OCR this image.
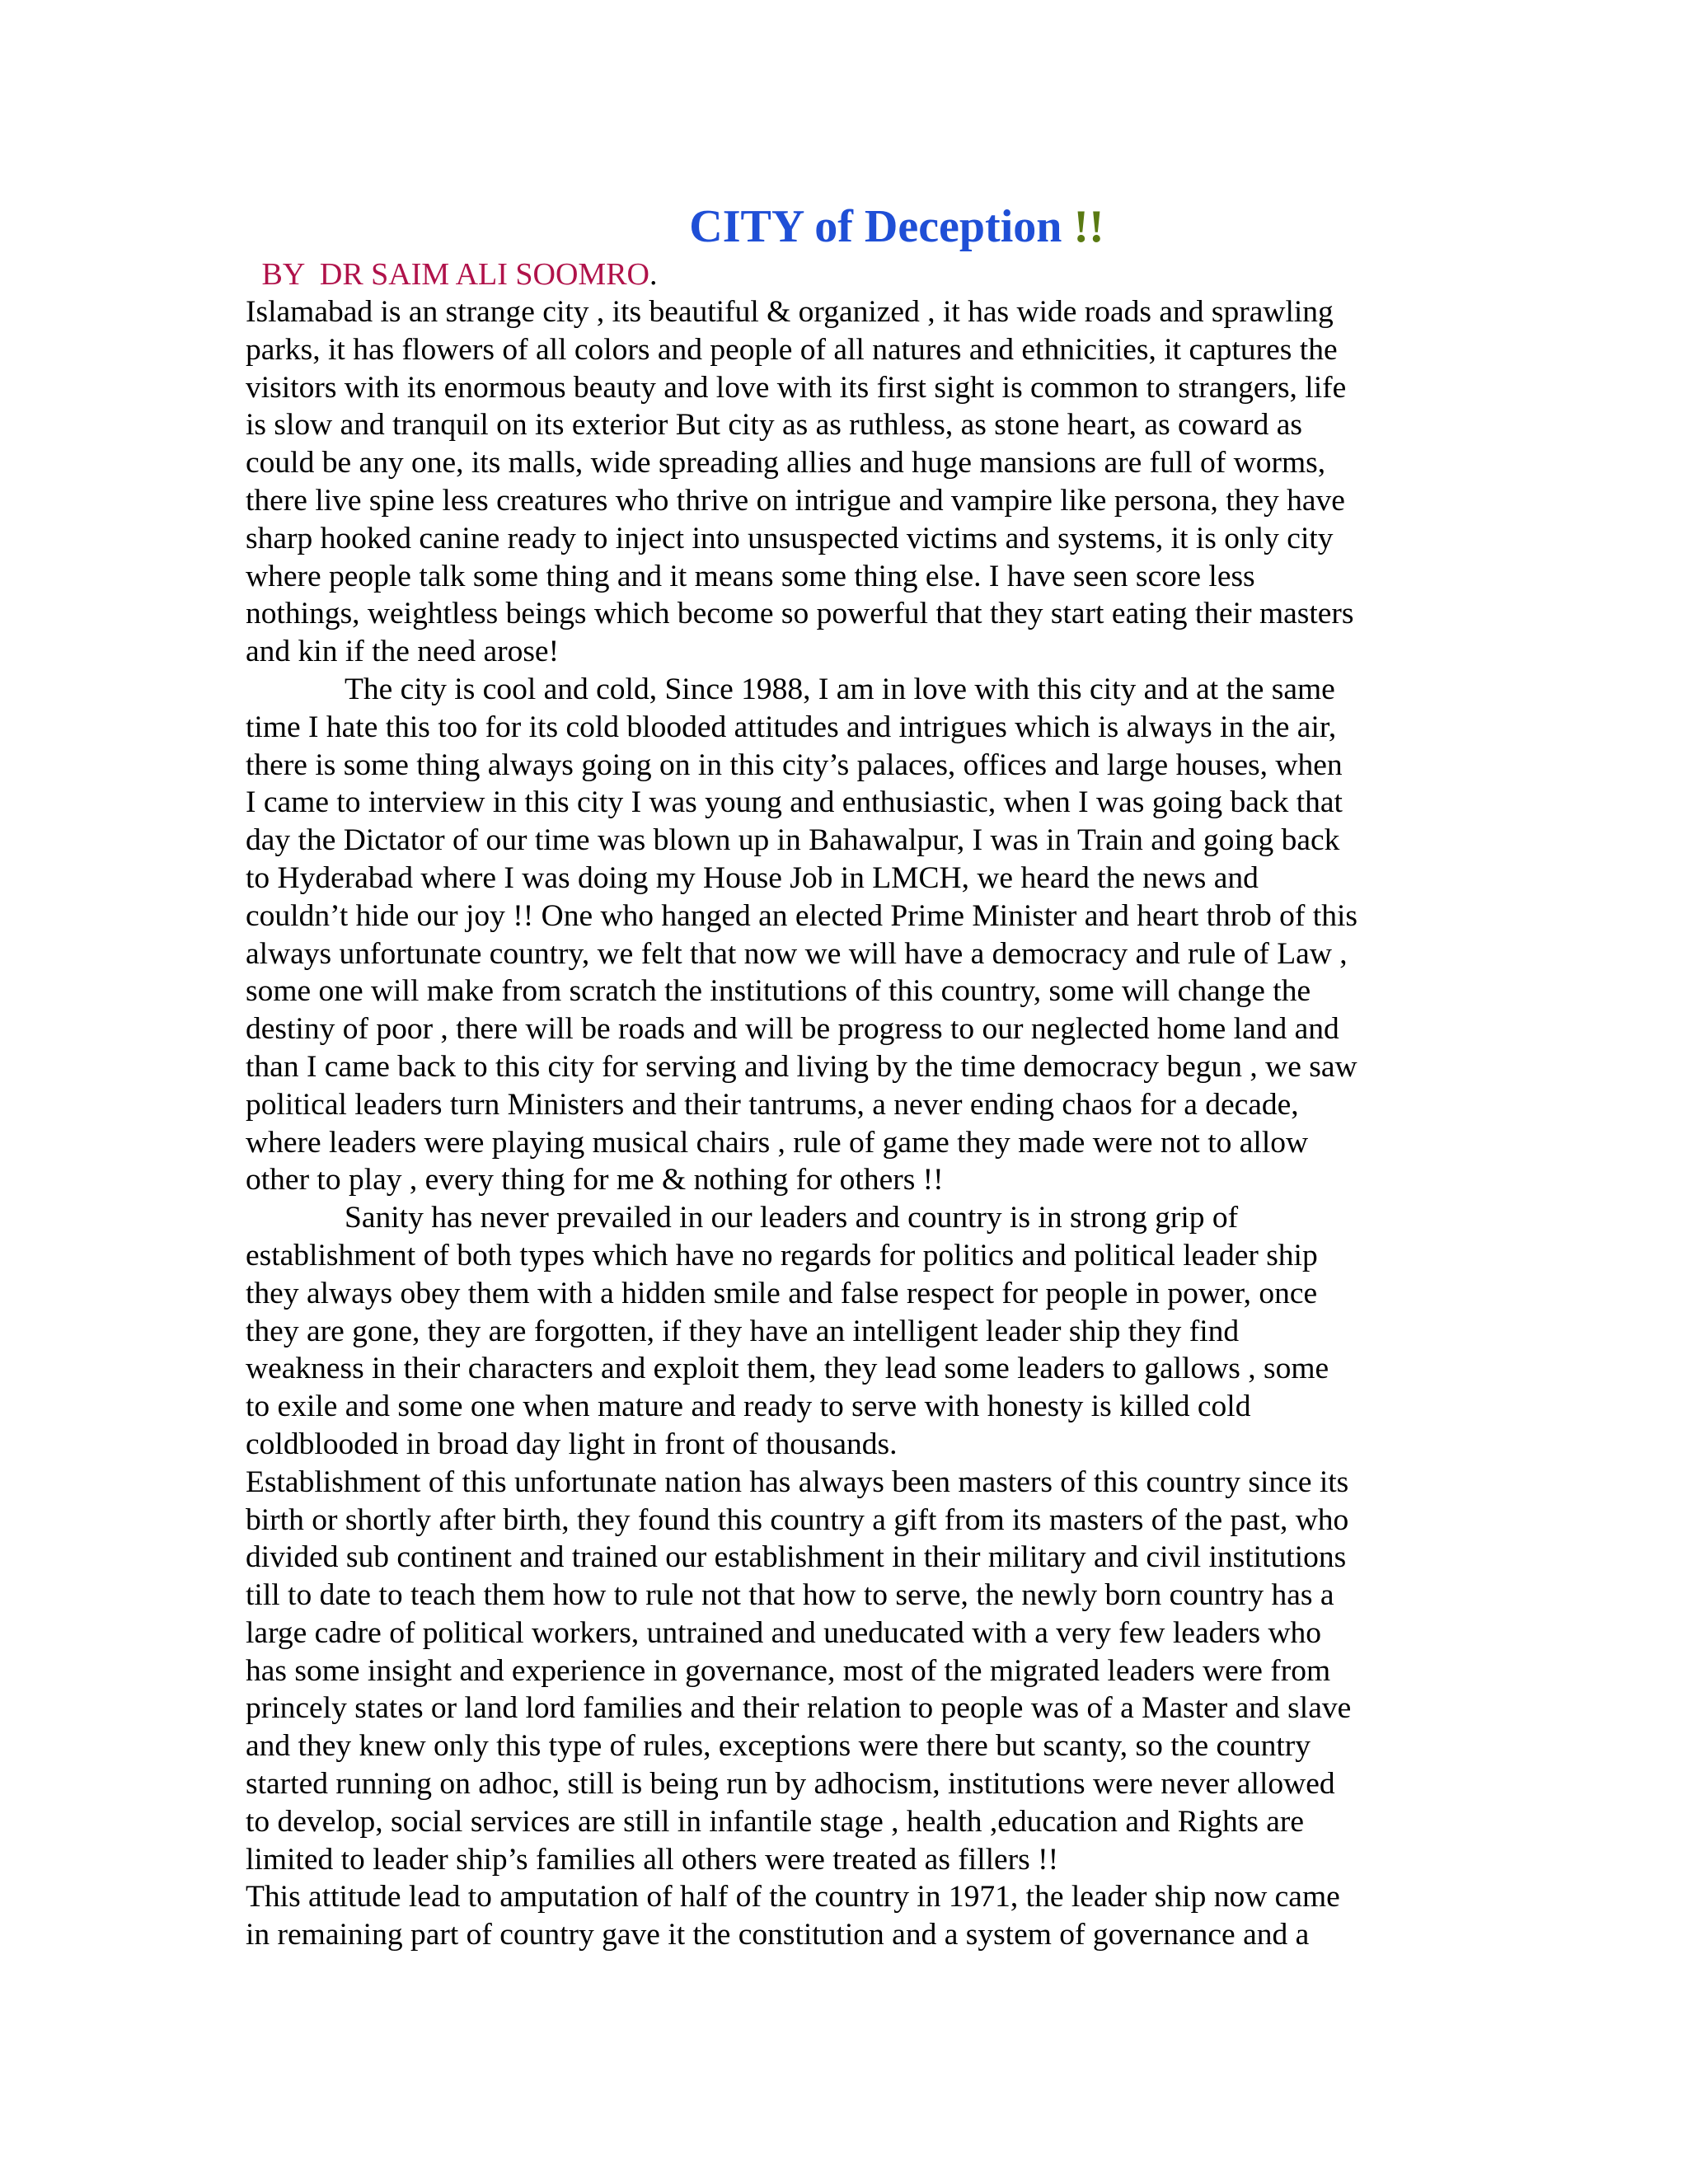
CITY of Deception !!

BY  DR SAIM ALI SOOMRO.

Islamabad is an strange city , its beautiful & organized , it has wide roads and sprawling
parks, it has flowers of all colors and people of all natures and ethnicities, it captures the
visitors with its enormous beauty and love with its first sight is common to strangers, life
is slow and tranquil on its exterior But city as as ruthless, as stone heart, as coward as
could be any one, its malls, wide spreading allies and huge mansions are full of worms,
there live spine less creatures who thrive on intrigue and vampire like persona, they have
sharp hooked canine ready to inject into unsuspected victims and systems, it is only city
where people talk some thing and it means some thing else. I have seen score less
nothings, weightless beings which become so powerful that they start eating their masters
and kin if the need arose!

The city is cool and cold, Since 1988, I am in love with this city and at the same
time I hate this too for its cold blooded attitudes and intrigues which is always in the air,
there is some thing always going on in this city’s palaces, offices and large houses, when
I came to interview in this city I was young and enthusiastic, when I was going back that
day the Dictator of our time was blown up in Bahawalpur, I was in Train and going back
to Hyderabad where I was doing my House Job in LMCH, we heard the news and
couldn’t hide our joy !! One who hanged an elected Prime Minister and heart throb of this
always unfortunate country, we felt that now we will have a democracy and rule of Law ,
some one will make from scratch the institutions of this country, some will change the
destiny of poor , there will be roads and will be progress to our neglected home land and
than I came back to this city for serving and living by the time democracy begun , we saw
political leaders turn Ministers and their tantrums, a never ending chaos for a decade,
where leaders were playing musical chairs , rule of game they made were not to allow
other to play , every thing for me & nothing for others !!

Sanity has never prevailed in our leaders and country is in strong grip of
establishment of both types which have no regards for politics and political leader ship
they always obey them with a hidden smile and false respect for people in power, once
they are gone, they are forgotten, if they have an intelligent leader ship they find
weakness in their characters and exploit them, they lead some leaders to gallows , some
to exile and some one when mature and ready to serve with honesty is killed cold
coldblooded in broad day light in front of thousands.

Establishment of this unfortunate nation has always been masters of this country since its
birth or shortly after birth, they found this country a gift from its masters of the past, who
divided sub continent and trained our establishment in their military and civil institutions
till to date to teach them how to rule not that how to serve, the newly born country has a
large cadre of political workers, untrained and uneducated with a very few leaders who
has some insight and experience in governance, most of the migrated leaders were from
princely states or land lord families and their relation to people was of a Master and slave
and they knew only this type of rules, exceptions were there but scanty, so the country
started running on adhoc, still is being run by adhocism, institutions were never allowed
to develop, social services are still in infantile stage , health ,education and Rights are
limited to leader ship’s families all others were treated as fillers !!

This attitude lead to amputation of half of the country in 1971, the leader ship now came
in remaining part of country gave it the constitution and a system of governance and a
